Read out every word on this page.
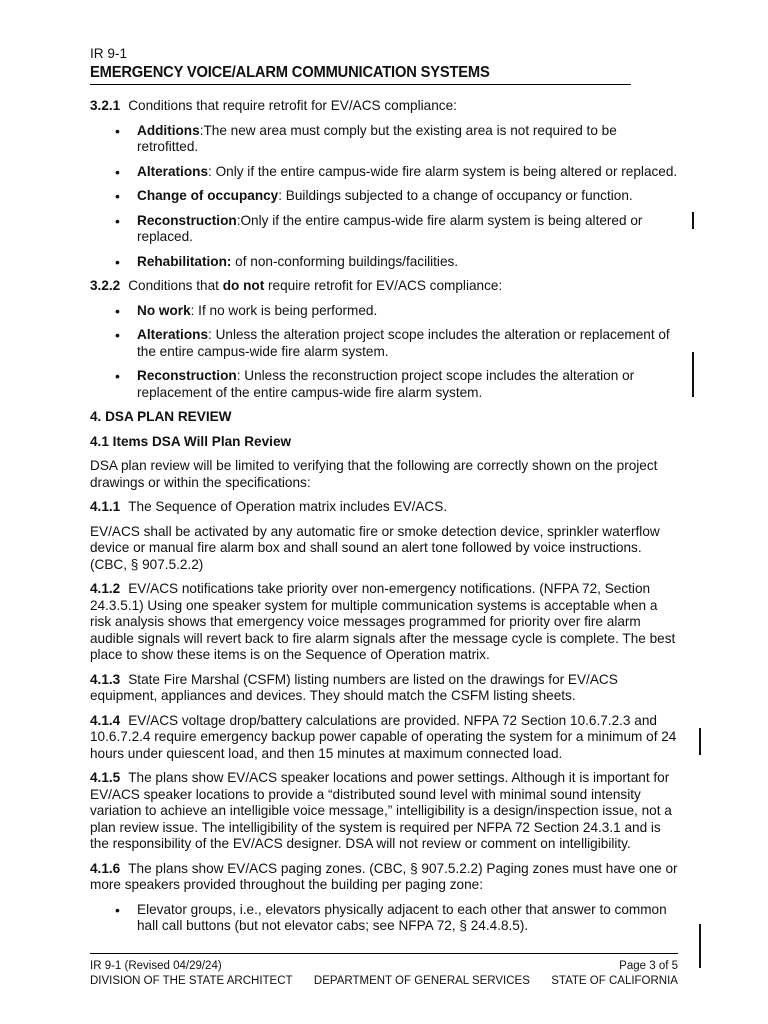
IR 9-1
EMERGENCY VOICE/ALARM COMMUNICATION SYSTEMS

3.2.1 Conditions that require retrofit for EV/ACS compliance:

• Additions:The new area must comply but the existing area is not required to be retrofitted.
• Alterations: Only if the entire campus-wide fire alarm system is being altered or replaced.
• Change of occupancy: Buildings subjected to a change of occupancy or function.
• Reconstruction:Only if the entire campus-wide fire alarm system is being altered or replaced.
• Rehabilitation: of non-conforming buildings/facilities.

3.2.2 Conditions that do not require retrofit for EV/ACS compliance:

• No work: If no work is being performed.
• Alterations: Unless the alteration project scope includes the alteration or replacement of the entire campus-wide fire alarm system.
• Reconstruction: Unless the reconstruction project scope includes the alteration or replacement of the entire campus-wide fire alarm system.
4. DSA PLAN REVIEW
4.1 Items DSA Will Plan Review

DSA plan review will be limited to verifying that the following are correctly shown on the project drawings or within the specifications:

4.1.1 The Sequence of Operation matrix includes EV/ACS.

EV/ACS shall be activated by any automatic fire or smoke detection device, sprinkler waterflow device or manual fire alarm box and shall sound an alert tone followed by voice instructions. (CBC, § 907.5.2.2)

4.1.2 EV/ACS notifications take priority over non-emergency notifications. (NFPA 72, Section 24.3.5.1) Using one speaker system for multiple communication systems is acceptable when a risk analysis shows that emergency voice messages programmed for priority over fire alarm audible signals will revert back to fire alarm signals after the message cycle is complete. The best place to show these items is on the Sequence of Operation matrix.

4.1.3 State Fire Marshal (CSFM) listing numbers are listed on the drawings for EV/ACS equipment, appliances and devices. They should match the CSFM listing sheets.

4.1.4 EV/ACS voltage drop/battery calculations are provided. NFPA 72 Section 10.6.7.2.3 and 10.6.7.2.4 require emergency backup power capable of operating the system for a minimum of 24 hours under quiescent load, and then 15 minutes at maximum connected load.

4.1.5 The plans show EV/ACS speaker locations and power settings. Although it is important for EV/ACS speaker locations to provide a “distributed sound level with minimal sound intensity variation to achieve an intelligible voice message,” intelligibility is a design/inspection issue, not a plan review issue. The intelligibility of the system is required per NFPA 72 Section 24.3.1 and is the responsibility of the EV/ACS designer. DSA will not review or comment on intelligibility.

4.1.6 The plans show EV/ACS paging zones. (CBC, § 907.5.2.2) Paging zones must have one or more speakers provided throughout the building per paging zone:

• Elevator groups, i.e., elevators physically adjacent to each other that answer to common hall call buttons (but not elevator cabs; see NFPA 72, § 24.4.8.5).
IR 9-1 (Revised 04/29/24)	Page 3 of 5
DIVISION OF THE STATE ARCHITECT DEPARTMENT OF GENERAL SERVICES STATE OF CALIFORNIA
